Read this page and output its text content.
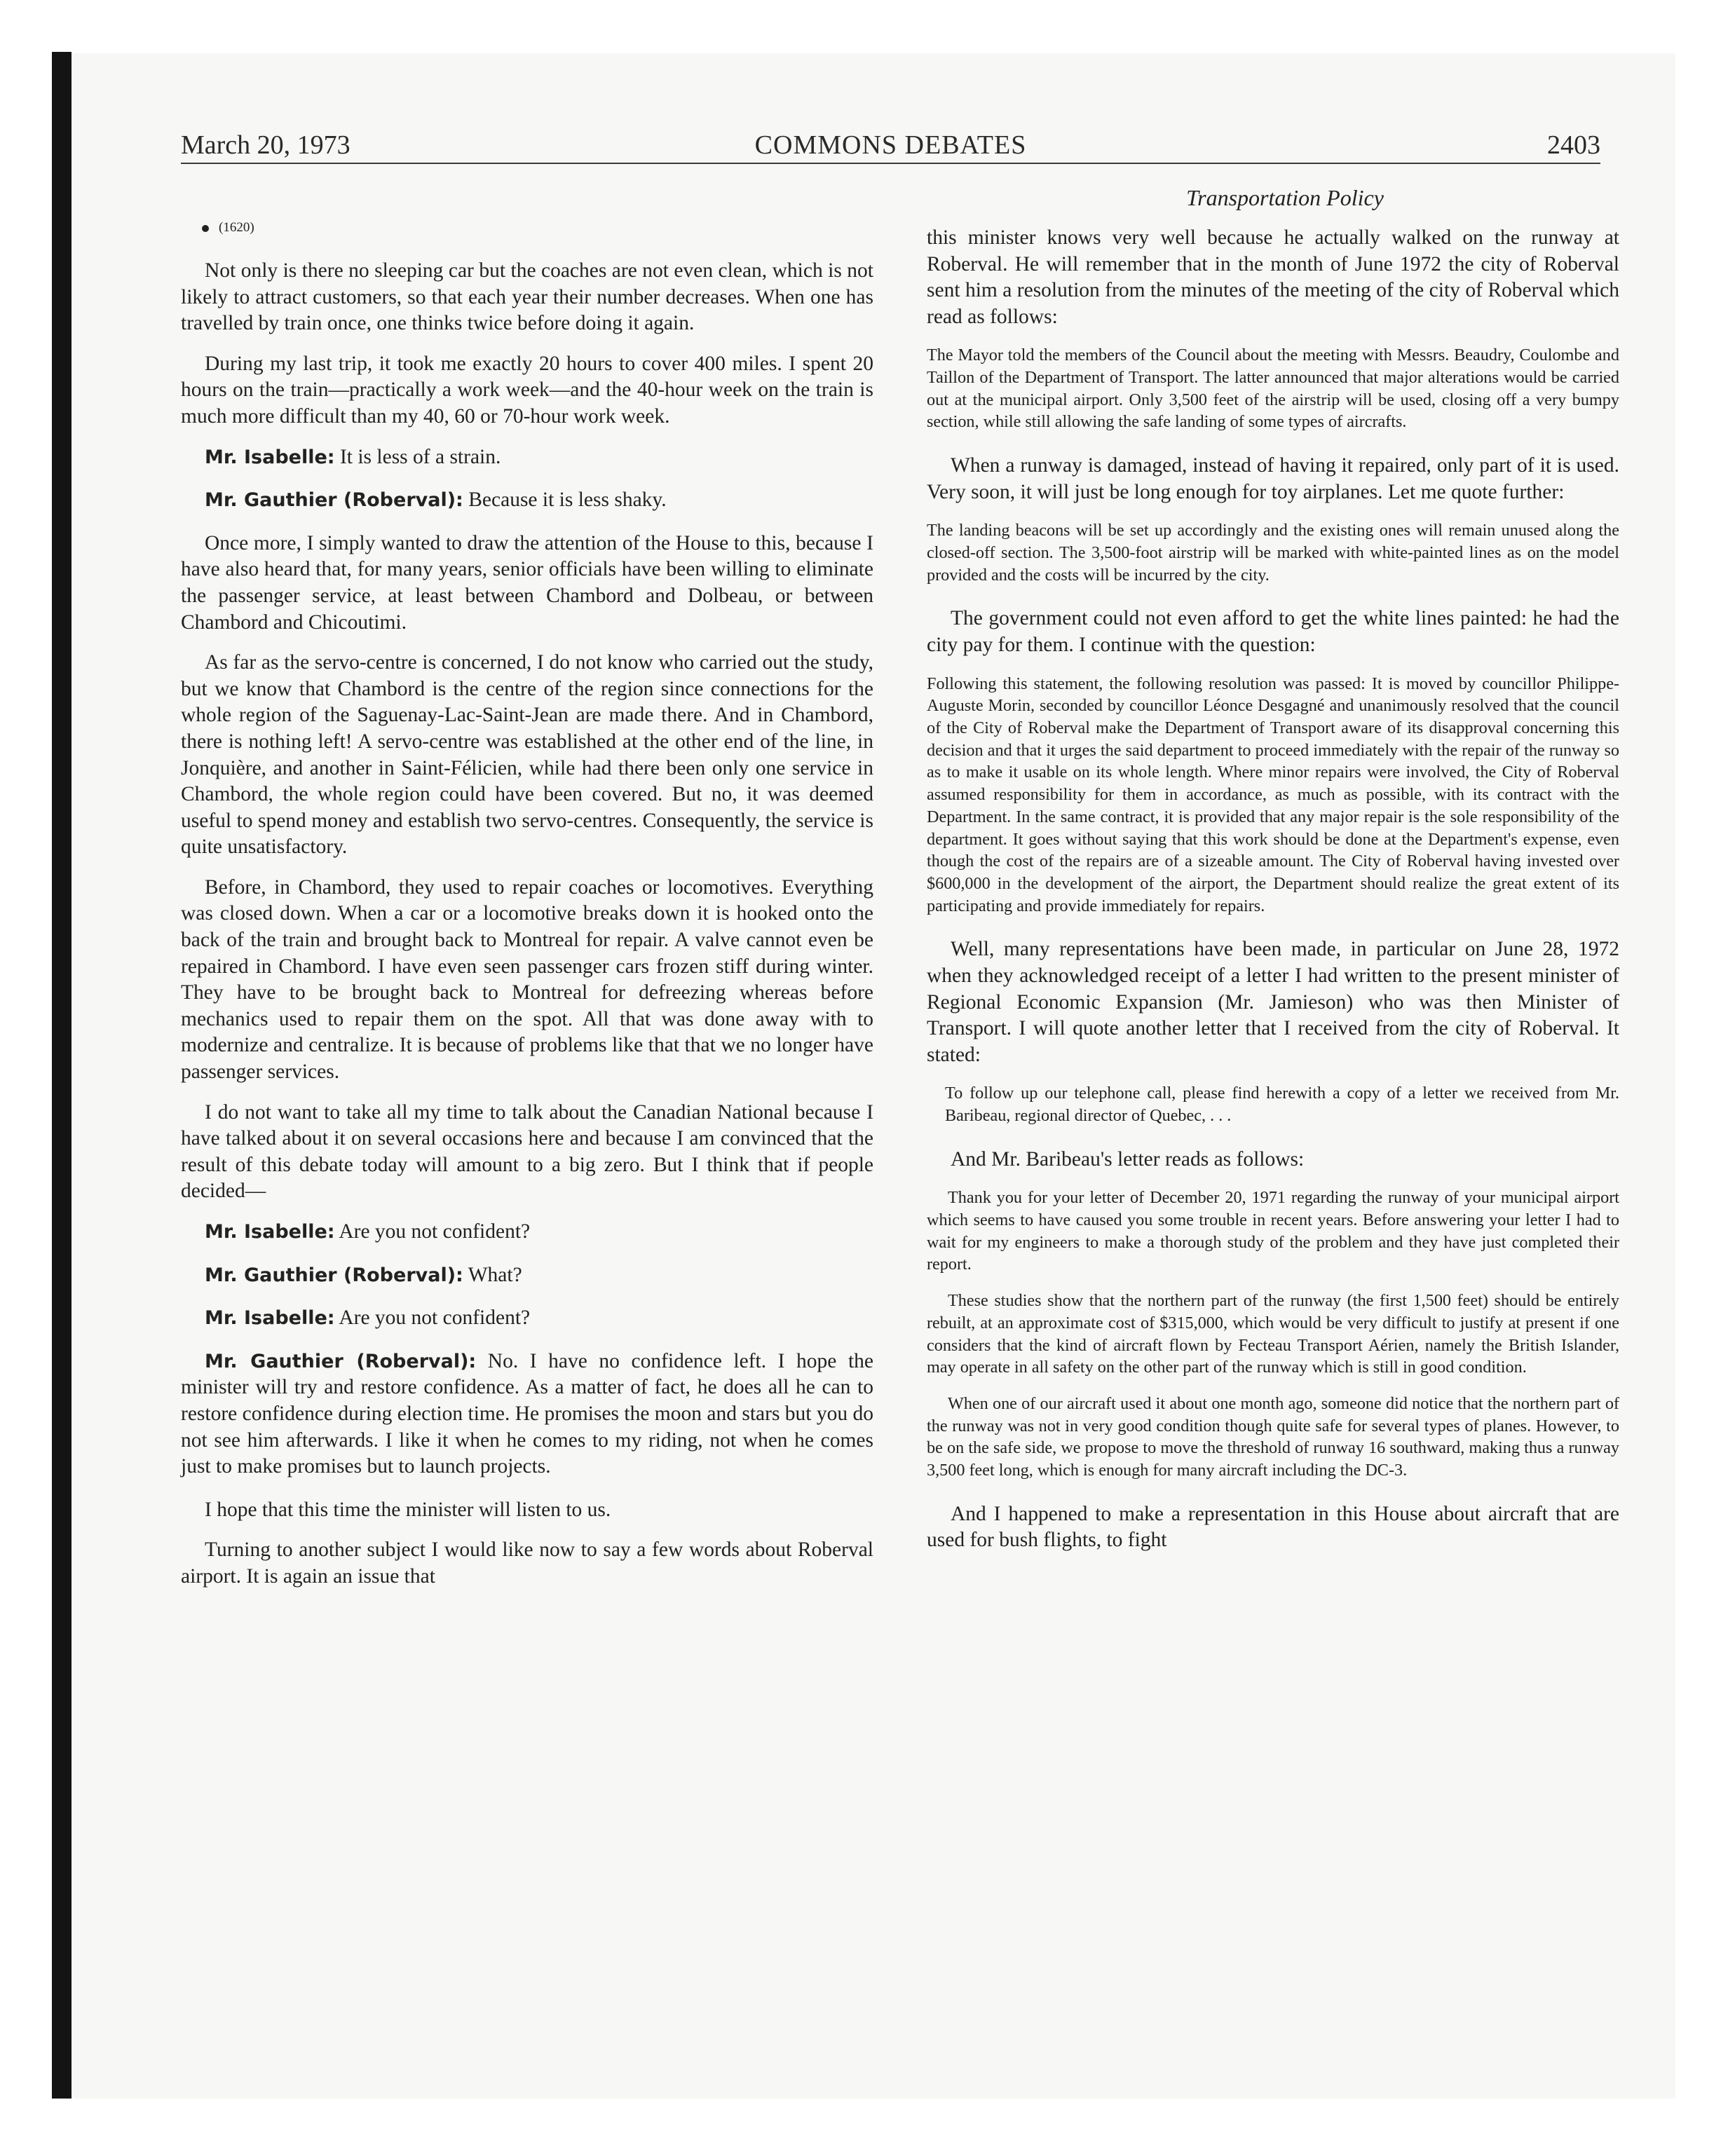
March 20, 1973	COMMONS DEBATES	2403
(1620)

Not only is there no sleeping car but the coaches are not even clean, which is not likely to attract customers, so that each year their number decreases. When one has travelled by train once, one thinks twice before doing it again.

During my last trip, it took me exactly 20 hours to cover 400 miles. I spent 20 hours on the train—practically a work week—and the 40-hour week on the train is much more difficult than my 40, 60 or 70-hour work week.

Mr. Isabelle: It is less of a strain.

Mr. Gauthier (Roberval): Because it is less shaky.

Once more, I simply wanted to draw the attention of the House to this, because I have also heard that, for many years, senior officials have been willing to eliminate the passenger service, at least between Chambord and Dolbeau, or between Chambord and Chicoutimi.

As far as the servo-centre is concerned, I do not know who carried out the study, but we know that Chambord is the centre of the region since connections for the whole region of the Saguenay-Lac-Saint-Jean are made there. And in Chambord, there is nothing left! A servo-centre was established at the other end of the line, in Jonquière, and another in Saint-Félicien, while had there been only one service in Chambord, the whole region could have been covered. But no, it was deemed useful to spend money and establish two servo-centres. Consequently, the service is quite unsatisfactory.

Before, in Chambord, they used to repair coaches or locomotives. Everything was closed down. When a car or a locomotive breaks down it is hooked onto the back of the train and brought back to Montreal for repair. A valve cannot even be repaired in Chambord. I have even seen passenger cars frozen stiff during winter. They have to be brought back to Montreal for defreezing whereas before mechanics used to repair them on the spot. All that was done away with to modernize and centralize. It is because of problems like that that we no longer have passenger services.

I do not want to take all my time to talk about the Canadian National because I have talked about it on several occasions here and because I am convinced that the result of this debate today will amount to a big zero. But I think that if people decided—

Mr. Isabelle: Are you not confident?

Mr. Gauthier (Roberval): What?

Mr. Isabelle: Are you not confident?

Mr. Gauthier (Roberval): No. I have no confidence left. I hope the minister will try and restore confidence. As a matter of fact, he does all he can to restore confidence during election time. He promises the moon and stars but you do not see him afterwards. I like it when he comes to my riding, not when he comes just to make promises but to launch projects.

I hope that this time the minister will listen to us.

Turning to another subject I would like now to say a few words about Roberval airport. It is again an issue that

Transportation Policy

this minister knows very well because he actually walked on the runway at Roberval. He will remember that in the month of June 1972 the city of Roberval sent him a resolution from the minutes of the meeting of the city of Roberval which read as follows:

The Mayor told the members of the Council about the meeting with Messrs. Beaudry, Coulombe and Taillon of the Department of Transport. The latter announced that major alterations would be carried out at the municipal airport. Only 3,500 feet of the airstrip will be used, closing off a very bumpy section, while still allowing the safe landing of some types of aircrafts.

When a runway is damaged, instead of having it repaired, only part of it is used. Very soon, it will just be long enough for toy airplanes. Let me quote further:

The landing beacons will be set up accordingly and the existing ones will remain unused along the closed-off section. The 3,500-foot airstrip will be marked with white-painted lines as on the model provided and the costs will be incurred by the city.

The government could not even afford to get the white lines painted: he had the city pay for them. I continue with the question:

Following this statement, the following resolution was passed: It is moved by councillor Philippe-Auguste Morin, seconded by councillor Léonce Desgagné and unanimously resolved that the council of the City of Roberval make the Department of Transport aware of its disapproval concerning this decision and that it urges the said department to proceed immediately with the repair of the runway so as to make it usable on its whole length. Where minor repairs were involved, the City of Roberval assumed responsibility for them in accordance, as much as possible, with its contract with the Department. In the same contract, it is provided that any major repair is the sole responsibility of the department. It goes without saying that this work should be done at the Department's expense, even though the cost of the repairs are of a sizeable amount. The City of Roberval having invested over $600,000 in the development of the airport, the Department should realize the great extent of its participating and provide immediately for repairs.

Well, many representations have been made, in particular on June 28, 1972 when they acknowledged receipt of a letter I had written to the present minister of Regional Economic Expansion (Mr. Jamieson) who was then Minister of Transport. I will quote another letter that I received from the city of Roberval. It stated:

To follow up our telephone call, please find herewith a copy of a letter we received from Mr. Baribeau, regional director of Quebec, . . .

And Mr. Baribeau's letter reads as follows:

Thank you for your letter of December 20, 1971 regarding the runway of your municipal airport which seems to have caused you some trouble in recent years. Before answering your letter I had to wait for my engineers to make a thorough study of the problem and they have just completed their report.

These studies show that the northern part of the runway (the first 1,500 feet) should be entirely rebuilt, at an approximate cost of $315,000, which would be very difficult to justify at present if one considers that the kind of aircraft flown by Fecteau Transport Aérien, namely the British Islander, may operate in all safety on the other part of the runway which is still in good condition.

When one of our aircraft used it about one month ago, someone did notice that the northern part of the runway was not in very good condition though quite safe for several types of planes. However, to be on the safe side, we propose to move the threshold of runway 16 southward, making thus a runway 3,500 feet long, which is enough for many aircraft including the DC-3.

And I happened to make a representation in this House about aircraft that are used for bush flights, to fight
